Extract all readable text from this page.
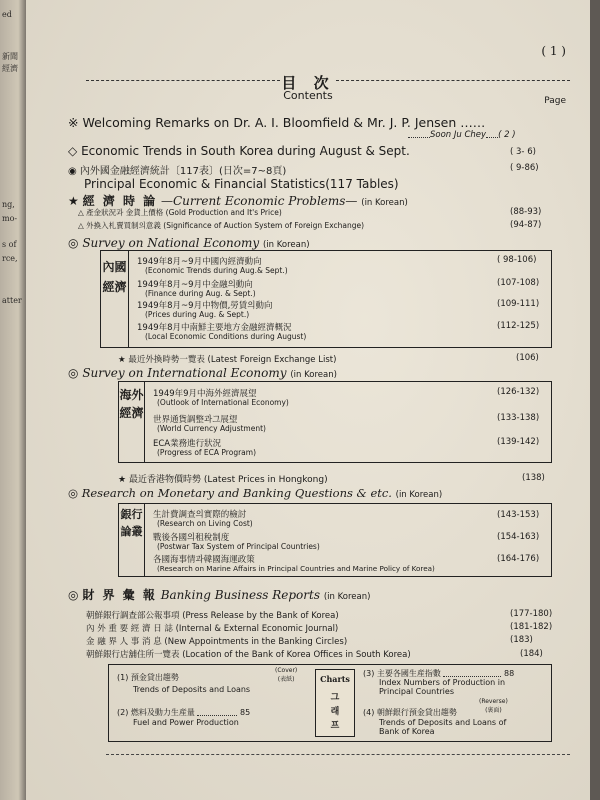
ed
新聞
經濟
ng,
mo-
s of
rce,
atter
( 1 )
目 次
Contents	Page
※ Welcoming Remarks on Dr. A. I. Bloomfield & Mr. J. P. Jensen ……
Soon Ju Chey ( 2 )
◇ Economic Trends in South Korea during August & Sept.	( 3- 6)
◉ 內外國金融經濟統計〔117表〕(日次=7~8頁)	( 9-86)
Principal Economic & Financial Statistics(117 Tables)
★ 經 濟 時 論 —Current Economic Problems— (in Korean)
△ 產金狀況과 金貨上價格 (Gold Production and It's Price)	(88-93)
△ 外換入札賣買制의意義 (Significance of Auction System of Foreign Exchange)	(94-87)
◎ Survey on National Economy (in Korean)
內國經濟
1949年8月~9月中國內經濟動向
(Economic Trends during Aug.& Sept.)
( 98-106)
1949年8月~9月中金融의動向
(Finance during Aug. & Sept.)
(107-108)
1949年8月~9月中物價,勞賃의動向
(Prices during Aug. & Sept.)
(109-111)
1949年8月中南鮮主要地方金融經濟概況
(Local Economic Conditions during August)
(112-125)
★ 最近外換時勢一覽表 (Latest Foreign Exchange List)	(106)
◎ Survey on International Economy (in Korean)
海外經濟
1949年9月中海外經濟展望
(Outlook of International Economy)
(126-132)
世界通貨調整과그展望
(World Currency Adjustment)
(133-138)
ECA業務進行狀況
(Progress of ECA Program)
(139-142)
★ 最近香港物價時勢 (Latest Prices in Hongkong)	(138)
◎ Research on Monetary and Banking Questions & etc. (in Korean)
銀行論叢
生計費調查의實際的檢討
(Research on Living Cost)
(143-153)
戰後各國의租稅制度
(Postwar Tax System of Principal Countries)
(154-163)
各國海事情과韓國海運政策
(Research on Marine Affairs in Principal Countries and Marine Policy of Korea)
(164-176)
◎ 財 界 彙 報 Banking Business Reports (in Korean)
朝鮮銀行調查部公報事項 (Press Release by the Bank of Korea)	(177-180)
內 外 重 要 經 濟 日 誌 (Internal & External Economic Journal)	(181-182)
金 融 界 人 事 消 息 (New Appointments in the Banking Circles)	(183)
朝鮮銀行店舖住所一覽表 (Location of the Bank of Korea Offices in South Korea)	(184)
(1) 預金貸出趨勢
(Cover)
(表紙)
Trends of Deposits and Loans
(2) 燃料及動力生産量	85
Fuel and Power Production
Charts
그
래
프
(3) 主要各國生産指數	88
Index Numbers of Production in
Principal Countries
(Reverse)
(裏面)
(4) 朝鮮銀行預金貸出趨勢
Trends of Deposits and Loans of
Bank of Korea
